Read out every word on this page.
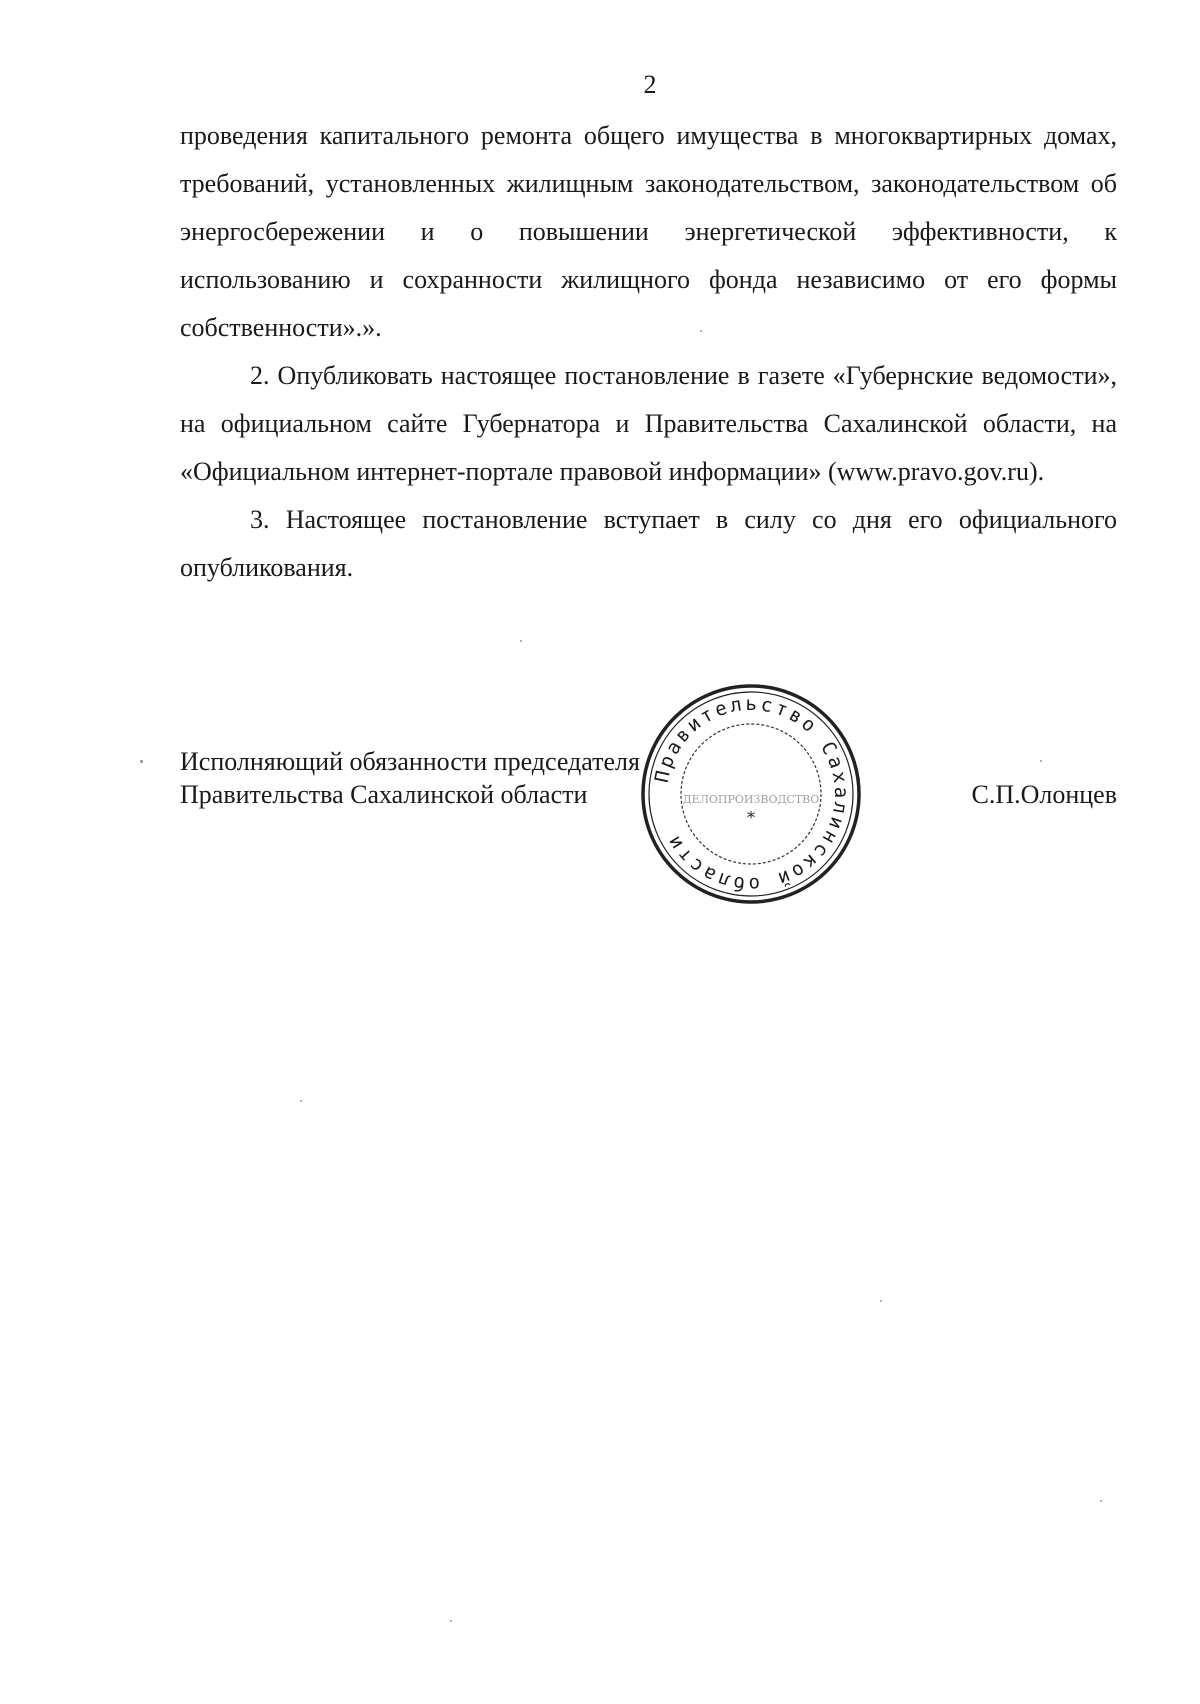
2

проведения капитального ремонта общего имущества в многоквартирных домах, требований, установленных жилищным законодательством, законодательством об энергосбережении и о повышении энергетической эффективности, к использованию и сохранности жилищного фонда независимо от его формы собственности».».

2. Опубликовать настоящее постановление в газете «Губернские ведомости», на официальном сайте Губернатора и Правительства Сахалинской области, на «Официальном интернет-портале правовой информации» (www.pravo.gov.ru).

3. Настоящее постановление вступает в силу со дня его официального опубликования.

Исполняющий обязанности председателя
Правительства Сахалинской области	С.П.Олонцев
Правительство Сахалинской области
ДЕЛОПРОИЗВОДСТВО
*
